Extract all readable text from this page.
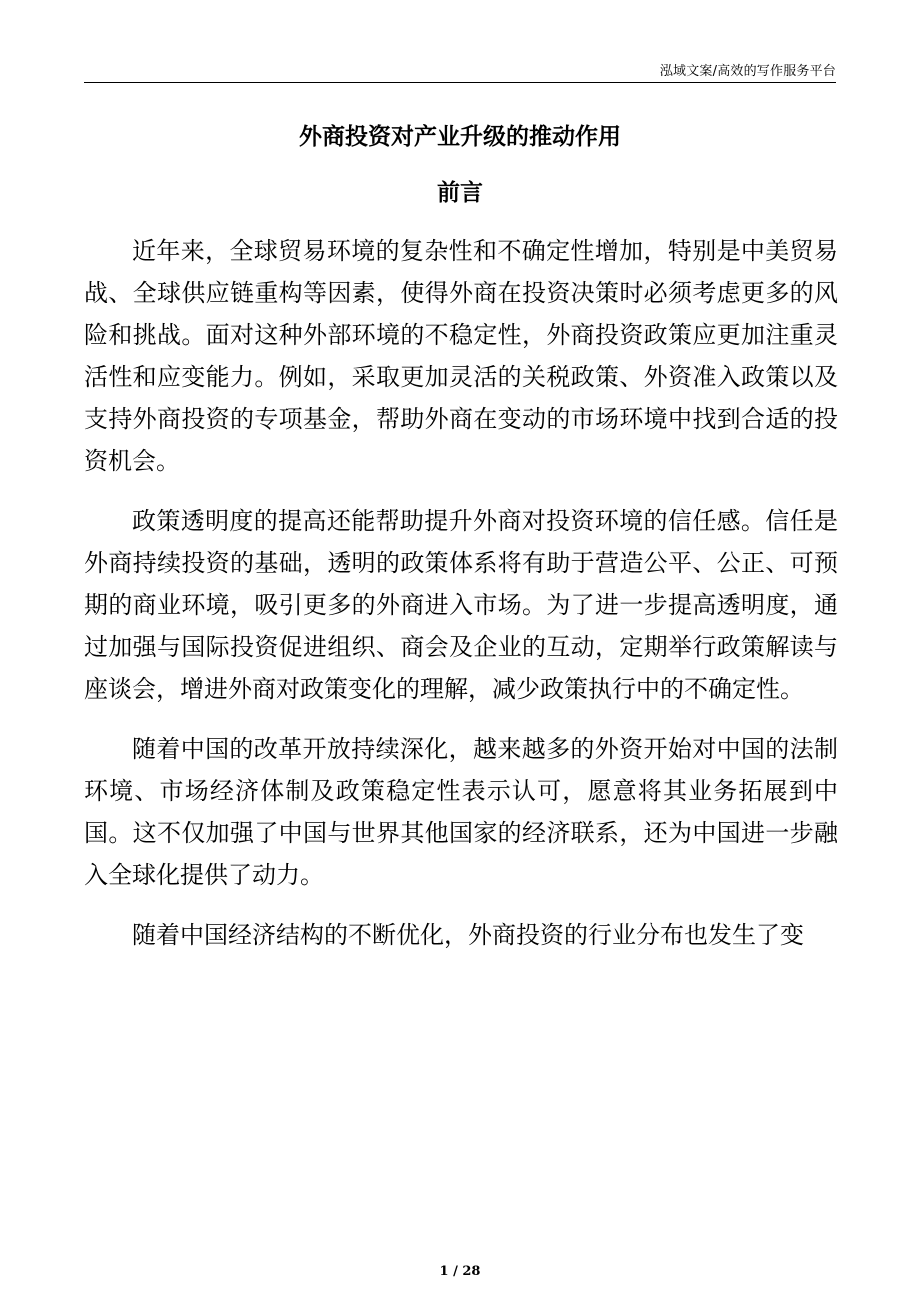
泓域文案/高效的写作服务平台
外商投资对产业升级的推动作用
前言

近年来，全球贸易环境的复杂性和不确定性增加，特别是中美贸易战、全球供应链重构等因素，使得外商在投资决策时必须考虑更多的风险和挑战。面对这种外部环境的不稳定性，外商投资政策应更加注重灵活性和应变能力。例如，采取更加灵活的关税政策、外资准入政策以及支持外商投资的专项基金，帮助外商在变动的市场环境中找到合适的投资机会。

政策透明度的提高还能帮助提升外商对投资环境的信任感。信任是外商持续投资的基础，透明的政策体系将有助于营造公平、公正、可预期的商业环境，吸引更多的外商进入市场。为了进一步提高透明度，通过加强与国际投资促进组织、商会及企业的互动，定期举行政策解读与座谈会，增进外商对政策变化的理解，减少政策执行中的不确定性。

随着中国的改革开放持续深化，越来越多的外资开始对中国的法制环境、市场经济体制及政策稳定性表示认可，愿意将其业务拓展到中国。这不仅加强了中国与世界其他国家的经济联系，还为中国进一步融入全球化提供了动力。

随着中国经济结构的不断优化，外商投资的行业分布也发生了变

1 / 28
